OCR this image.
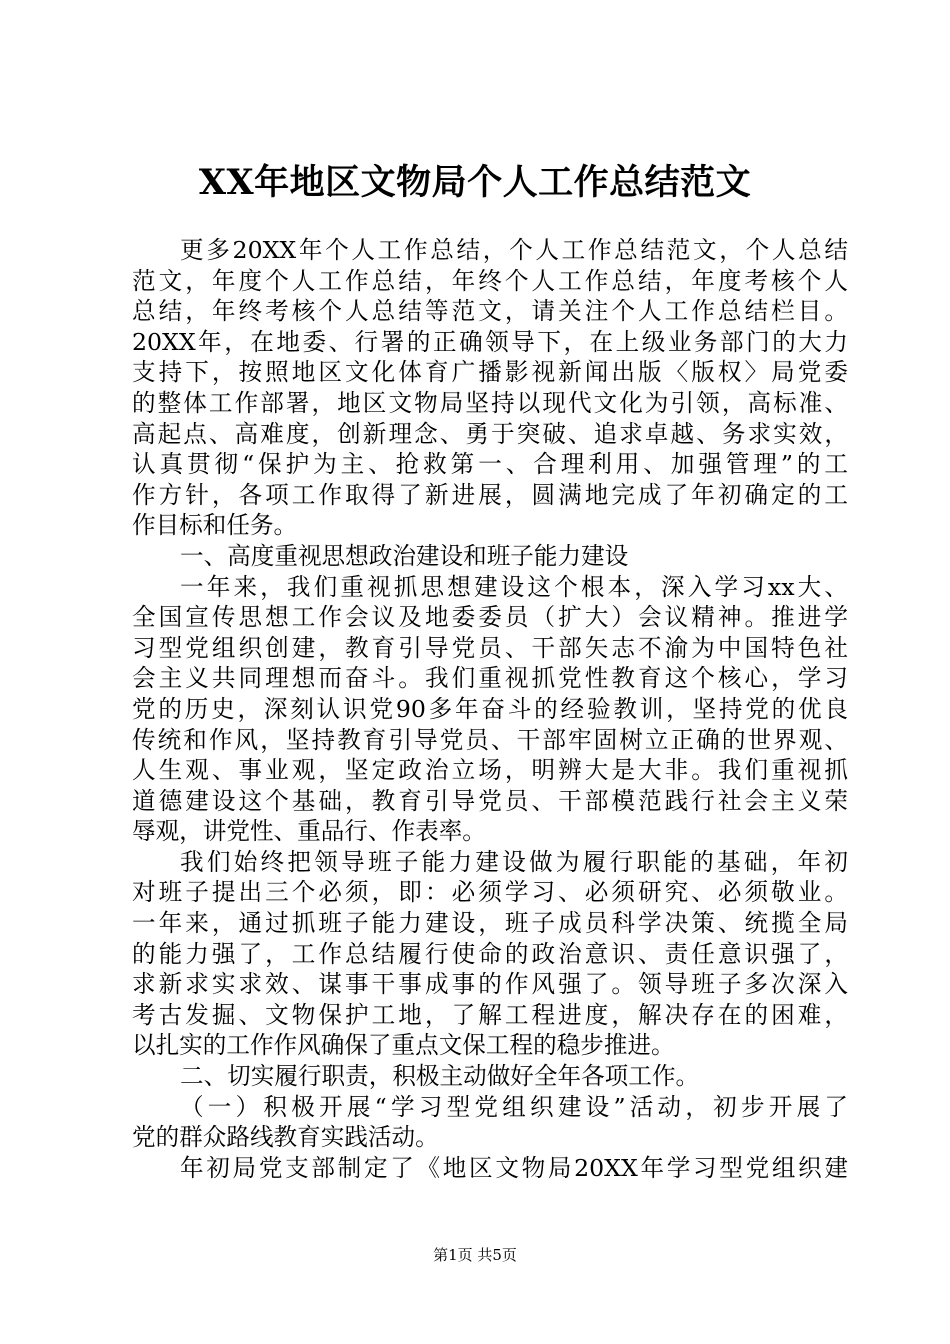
XX年地区文物局个人工作总结范文
更多20XX年个人工作总结，个人工作总结范文，个人总结
范文，年度个人工作总结，年终个人工作总结，年度考核个人
总结，年终考核个人总结等范文，请关注个人工作总结栏目。
20XX年，在地委、行署的正确领导下，在上级业务部门的大力
支持下，按照地区文化体育广播影视新闻出版〈版权〉局党委
的整体工作部署，地区文物局坚持以现代文化为引领，高标准、
高起点、高难度，创新理念、勇于突破、追求卓越、务求实效，
认真贯彻“保护为主、抢救第一、合理利用、加强管理”的工
作方针，各项工作取得了新进展，圆满地完成了年初确定的工
作目标和任务。
一、高度重视思想政治建设和班子能力建设
一年来，我们重视抓思想建设这个根本，深入学习xx大、
全国宣传思想工作会议及地委委员（扩大）会议精神。推进学
习型党组织创建，教育引导党员、干部矢志不渝为中国特色社
会主义共同理想而奋斗。我们重视抓党性教育这个核心，学习
党的历史，深刻认识党90多年奋斗的经验教训，坚持党的优良
传统和作风，坚持教育引导党员、干部牢固树立正确的世界观、
人生观、事业观，坚定政治立场，明辨大是大非。我们重视抓
道德建设这个基础，教育引导党员、干部模范践行社会主义荣
辱观，讲党性、重品行、作表率。
我们始终把领导班子能力建设做为履行职能的基础，年初
对班子提出三个必须，即：必须学习、必须研究、必须敬业。
一年来，通过抓班子能力建设，班子成员科学决策、统揽全局
的能力强了，工作总结履行使命的政治意识、责任意识强了，
求新求实求效、谋事干事成事的作风强了。领导班子多次深入
考古发掘、文物保护工地，了解工程进度，解决存在的困难，
以扎实的工作作风确保了重点文保工程的稳步推进。
二、切实履行职责，积极主动做好全年各项工作。
（一）积极开展“学习型党组织建设”活动，初步开展了
党的群众路线教育实践活动。
年初局党支部制定了《地区文物局20XX年学习型党组织建
第1页 共5页
